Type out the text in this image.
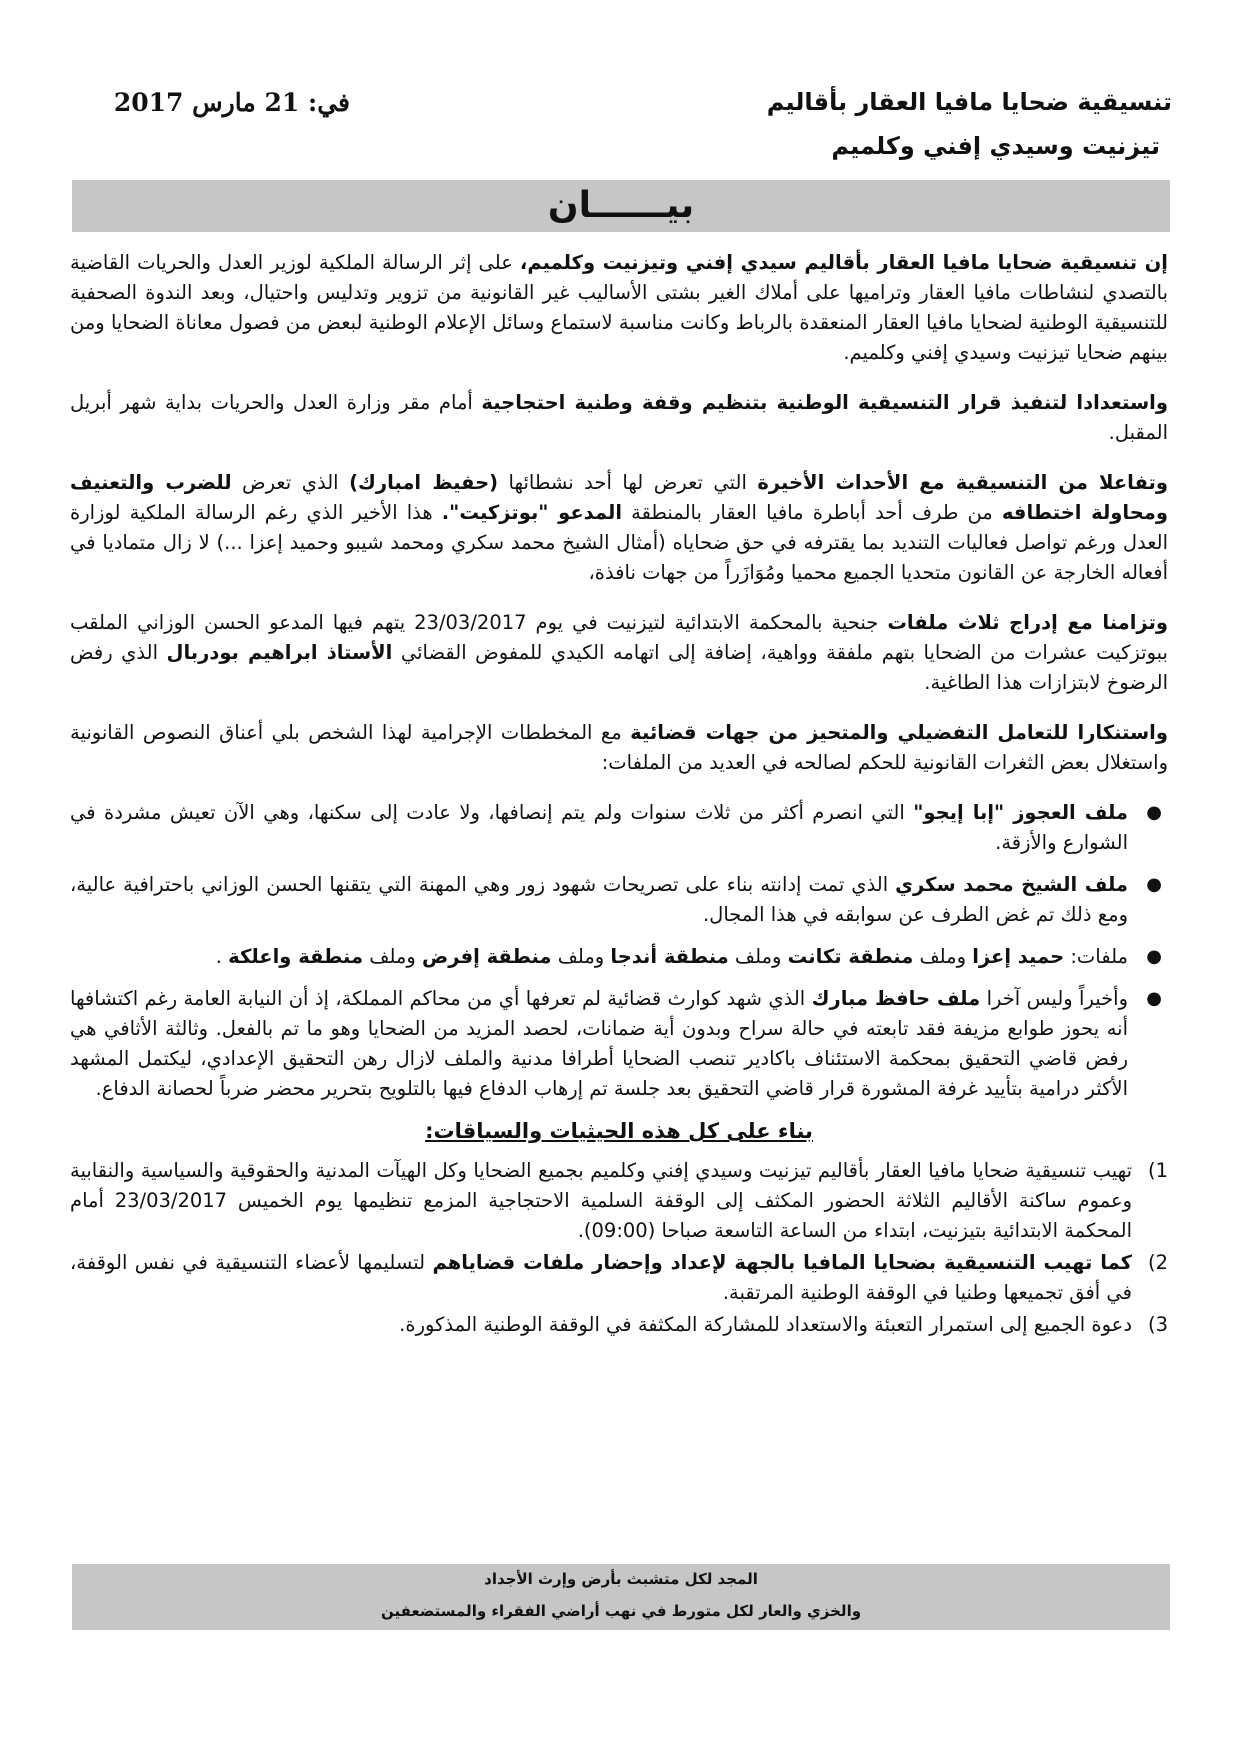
في: 21 مارس 2017	تنسيقية ضحايا مافيا العقار بأقاليم
تيزنيت وسيدي إفني وكلميم
بيــــــان

إن تنسيقية ضحايا مافيا العقار بأقاليم سيدي إفني وتيزنيت وكلميم، على إثر الرسالة الملكية لوزير العدل والحريات القاضية بالتصدي لنشاطات مافيا العقار وتراميها على أملاك الغير بشتى الأساليب غير القانونية من تزوير وتدليس واحتيال، وبعد الندوة الصحفية للتنسيقية الوطنية لضحايا مافيا العقار المنعقدة بالرباط وكانت مناسبة لاستماع وسائل الإعلام الوطنية لبعض من فصول معاناة الضحايا ومن بينهم ضحايا تيزنيت وسيدي إفني وكلميم.

واستعدادا لتنفيذ قرار التنسيقية الوطنية بتنظيم وقفة وطنية احتجاجية أمام مقر وزارة العدل والحريات بداية شهر أبريل المقبل.

وتفاعلا من التنسيقية مع الأحداث الأخيرة التي تعرض لها أحد نشطائها (حفيظ امبارك) الذي تعرض للضرب والتعنيف ومحاولة اختطافه من طرف أحد أباطرة مافيا العقار بالمنطقة المدعو "بوتزكيت". هذا الأخير الذي رغم الرسالة الملكية لوزارة العدل ورغم تواصل فعاليات التنديد بما يقترفه في حق ضحاياه (أمثال الشيخ محمد سكري ومحمد شيبو وحميد إعزا ...) لا زال متماديا في أفعاله الخارجة عن القانون متحديا الجميع محميا ومُوَازَراً من جهات نافذة،

وتزامنا مع إدراج ثلاث ملفات جنحية بالمحكمة الابتدائية لتيزنيت في يوم 23/03/2017 يتهم فيها المدعو الحسن الوزاني الملقب ببوتزكيت عشرات من الضحايا بتهم ملفقة وواهية، إضافة إلى اتهامه الكيدي للمفوض القضائي الأستاذ ابراهيم بودربال الذي رفض الرضوخ لابتزازات هذا الطاغية.

واستنكارا للتعامل التفضيلي والمتحيز من جهات قضائية مع المخططات الإجرامية لهذا الشخص بلي أعناق النصوص القانونية واستغلال بعض الثغرات القانونية للحكم لصالحه في العديد من الملفات:

●
ملف العجوز "إبا إيجو" التي انصرم أكثر من ثلاث سنوات ولم يتم إنصافها، ولا عادت إلى سكنها، وهي الآن تعيش مشردة في الشوارع والأزقة.
●
ملف الشيخ محمد سكري الذي تمت إدانته بناء على تصريحات شهود زور وهي المهنة التي يتقنها الحسن الوزاني باحترافية عالية، ومع ذلك تم غض الطرف عن سوابقه في هذا المجال.
●
ملفات: حميد إعزا وملف منطقة تكانت وملف منطقة أندجا وملف منطقة إفرض وملف منطقة واعلكة .
●
وأخيراً وليس آخرا ملف حافظ مبارك الذي شهد كوارث قضائية لم تعرفها أي من محاكم المملكة، إذ أن النيابة العامة رغم اكتشافها أنه يحوز طوابع مزيفة فقد تابعته في حالة سراح وبدون أية ضمانات، لحصد المزيد من الضحايا وهو ما تم بالفعل. وثالثة الأثافي هي رفض قاضي التحقيق بمحكمة الاستئناف باكادير تنصب الضحايا أطرافا مدنية والملف لازال رهن التحقيق الإعدادي، ليكتمل المشهد الأكثر درامية بتأييد غرفة المشورة قرار قاضي التحقيق بعد جلسة تم إرهاب الدفاع فيها بالتلويح بتحرير محضر ضرباً لحصانة الدفاع.
بناء على كل هذه الحيثيات والسياقات:
1)
تهيب تنسيقية ضحايا مافيا العقار بأقاليم تيزنيت وسيدي إفني وكلميم بجميع الضحايا وكل الهيآت المدنية والحقوقية والسياسية والنقابية وعموم ساكنة الأقاليم الثلاثة الحضور المكثف إلى الوقفة السلمية الاحتجاجية المزمع تنظيمها يوم الخميس 23/03/2017 أمام المحكمة الابتدائية بتيزنيت، ابتداء من الساعة التاسعة صباحا (09:00).
2)
كما تهيب التنسيقية بضحايا المافيا بالجهة لإعداد وإحضار ملفات قضاياهم لتسليمها لأعضاء التنسيقية في نفس الوقفة، في أفق تجميعها وطنيا في الوقفة الوطنية المرتقبة.
3)
دعوة الجميع إلى استمرار التعبئة والاستعداد للمشاركة المكثفة في الوقفة الوطنية المذكورة.
المجد لكل متشبث بأرض وإرث الأجداد
والخزي والعار لكل متورط في نهب أراضي الفقراء والمستضعفين
